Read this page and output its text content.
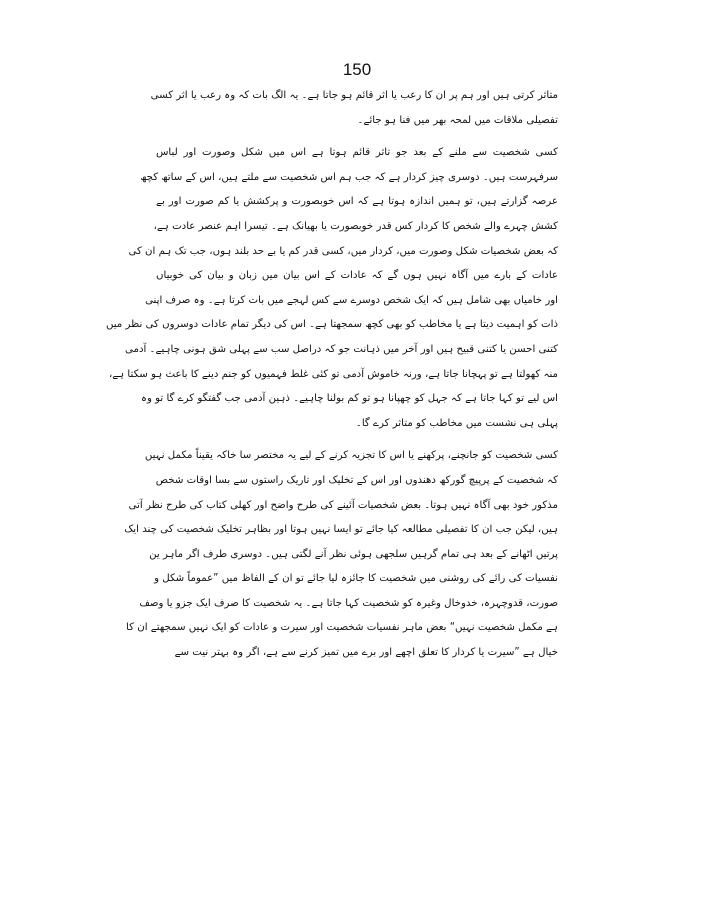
150
متاثر کرتی ہیں اور ہم پر ان کا رعب یا اثر قائم ہو جاتا ہے۔ یہ الگ بات کہ وہ رعب یا اثر کسی
تفصیلی ملاقات میں لمحہ بھر میں فنا ہو جائے۔
کسی شخصیت سے ملنے کے بعد جو تاثر قائم ہوتا ہے اس میں شکل وصورت اور لباس
سرفہرست ہیں۔ دوسری چیز کردار ہے کہ جب ہم اس شخصیت سے ملتے ہیں، اس کے ساتھ کچھ
عرصہ گزارتے ہیں، تو ہمیں اندازہ ہوتا ہے کہ اس خوبصورت و پرکشش یا کم صورت اور بے
کشش چہرے والے شخص کا کردار کس قدر خوبصورت یا بھیانک ہے۔ تیسرا اہم عنصر عادت ہے،
کہ بعض شخصیات شکل وصورت میں، کردار میں، کسی قدر کم یا بے حد بلند ہوں، جب تک ہم ان کی
عادات کے بارے میں آگاہ نہیں ہوں گے کہ عادات کے اس بیان میں زبان و بیان کی خوبیاں
اور خامیاں بھی شامل ہیں کہ ایک شخص دوسرے سے کس لہجے میں بات کرتا ہے۔ وہ صرف اپنی
ذات کو اہمیت دیتا ہے یا مخاطب کو بھی کچھ سمجھتا ہے۔ اس کی دیگر تمام عادات دوسروں کی نظر میں
کتنی احسن یا کتنی قبیح ہیں اور آخر میں ذہانت جو کہ دراصل سب سے پہلی شق ہونی چاہیے۔ آدمی
منہ کھولتا ہے تو پہچانا جاتا ہے، ورنہ خاموش آدمی تو کئی غلط فہمیوں کو جنم دینے کا باعث ہو سکتا ہے،
اس لیے تو کہا جاتا ہے کہ جہل کو چھپانا ہو تو کم بولنا چاہیے۔ ذہین آدمی جب گفتگو کرے گا تو وہ
پہلی ہی نشست میں مخاطب کو متاثر کرے گا۔
کسی شخصیت کو جانچنے، پرکھنے یا اس کا تجزیہ کرنے کے لیے یہ مختصر سا خاکہ یقیناً مکمل نہیں
کہ شخصیت کے پرپیچ گورکھ دھندوں اور اس کے تخلیک اور تاریک راستوں سے بسا اوقات شخص
مذکور خود بھی آگاہ نہیں ہوتا۔ بعض شخصیات آئینے کی طرح واضح اور کھلی کتاب کی طرح نظر آتی
ہیں، لیکن جب ان کا تفصیلی مطالعہ کیا جائے تو ایسا نہیں ہوتا اور بظاہر تخلیک شخصیت کی چند ایک
پرتیں اٹھانے کے بعد ہی تمام گرہیں سلجھی ہوئی نظر آنے لگتی ہیں۔ دوسری طرف اگر ماہر ین
نفسیات کی رائے کی روشنی میں شخصیت کا جائزہ لیا جائے تو ان کے الفاظ میں ”عموماً شکل و
صورت، قدوچہرہ، خدوخال وغیرہ کو شخصیت کہا جاتا ہے۔ یہ شخصیت کا صرف ایک جزو یا وصف
ہے مکمل شخصیت نہیں“ بعض ماہر نفسیات شخصیت اور سیرت و عادات کو ایک نہیں سمجھتے ان کا
خیال ہے ”سیرت یا کردار کا تعلق اچھے اور برے میں تمیز کرنے سے ہے، اگر وہ بہتر نیت سے
